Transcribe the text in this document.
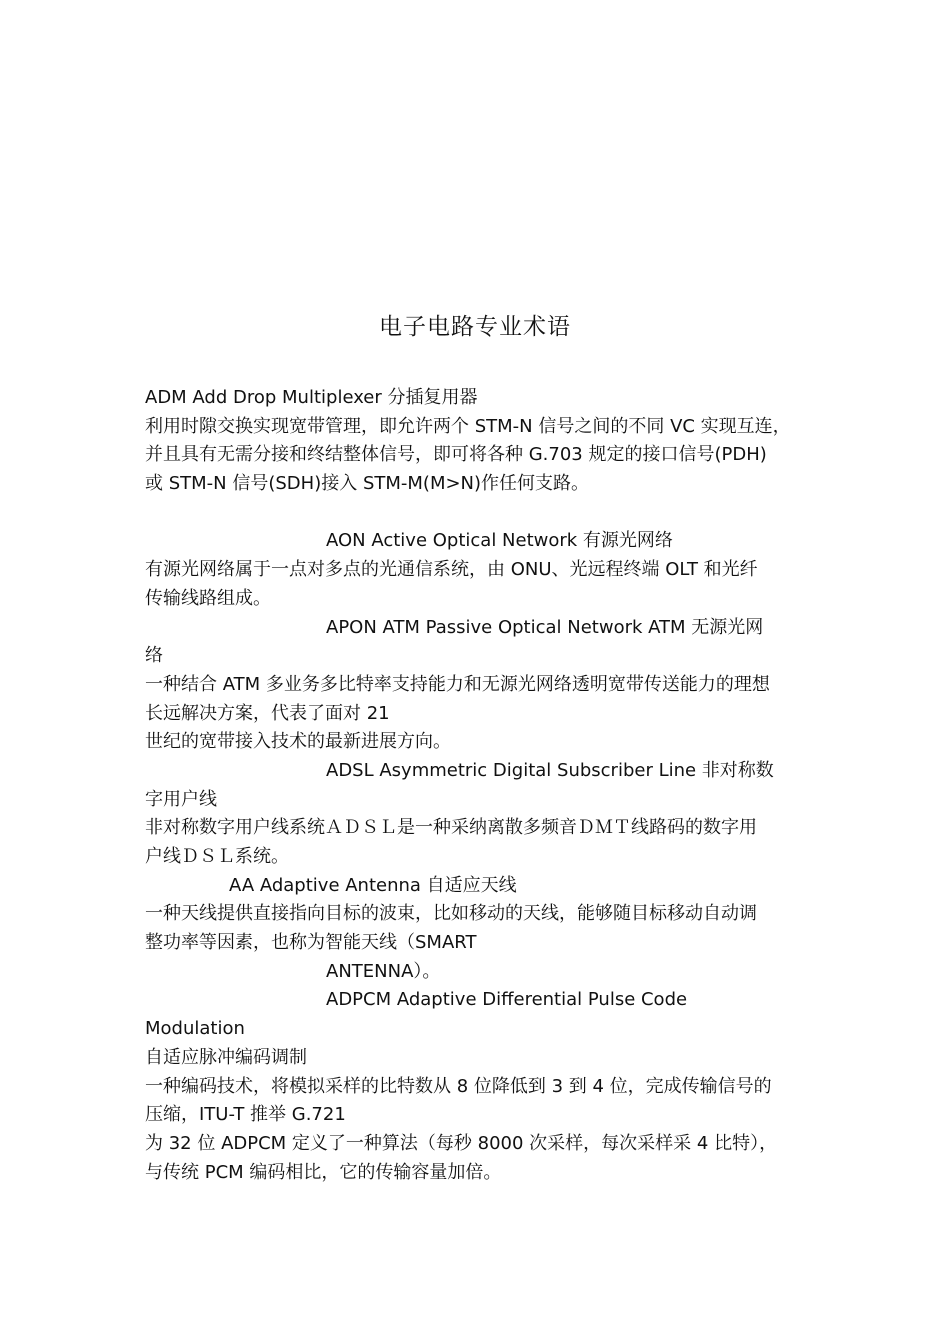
电子电路专业术语
ADM Add Drop Multiplexer 分插复用器
利用时隙交换实现宽带管理，即允许两个 STM-N 信号之间的不同 VC 实现互连，
并且具有无需分接和终结整体信号，即可将各种 G.703 规定的接口信号(PDH)
或 STM-N 信号(SDH)接入 STM-M(M>N)作任何支路。
AON Active Optical Network 有源光网络
有源光网络属于一点对多点的光通信系统，由 ONU、光远程终端 OLT 和光纤
传输线路组成。
APON ATM Passive Optical Network ATM 无源光网
络
一种结合 ATM 多业务多比特率支持能力和无源光网络透明宽带传送能力的理想
长远解决方案，代表了面对 21
世纪的宽带接入技术的最新进展方向。
ADSL Asymmetric Digital Subscriber Line 非对称数
字用户线
非对称数字用户线系统ＡＤＳＬ是一种采纳离散多频音ＤＭＴ线路码的数字用
户线ＤＳＬ系统。
AA Adaptive Antenna 自适应天线
一种天线提供直接指向目标的波束，比如移动的天线，能够随目标移动自动调
整功率等因素，也称为智能天线（SMART
ANTENNA）。
ADPCM Adaptive Differential Pulse Code
Modulation
自适应脉冲编码调制
一种编码技术，将模拟采样的比特数从 8 位降低到 3 到 4 位，完成传输信号的
压缩，ITU-T 推举 G.721
为 32 位 ADPCM 定义了一种算法（每秒 8000 次采样，每次采样采 4 比特），
与传统 PCM 编码相比，它的传输容量加倍。
